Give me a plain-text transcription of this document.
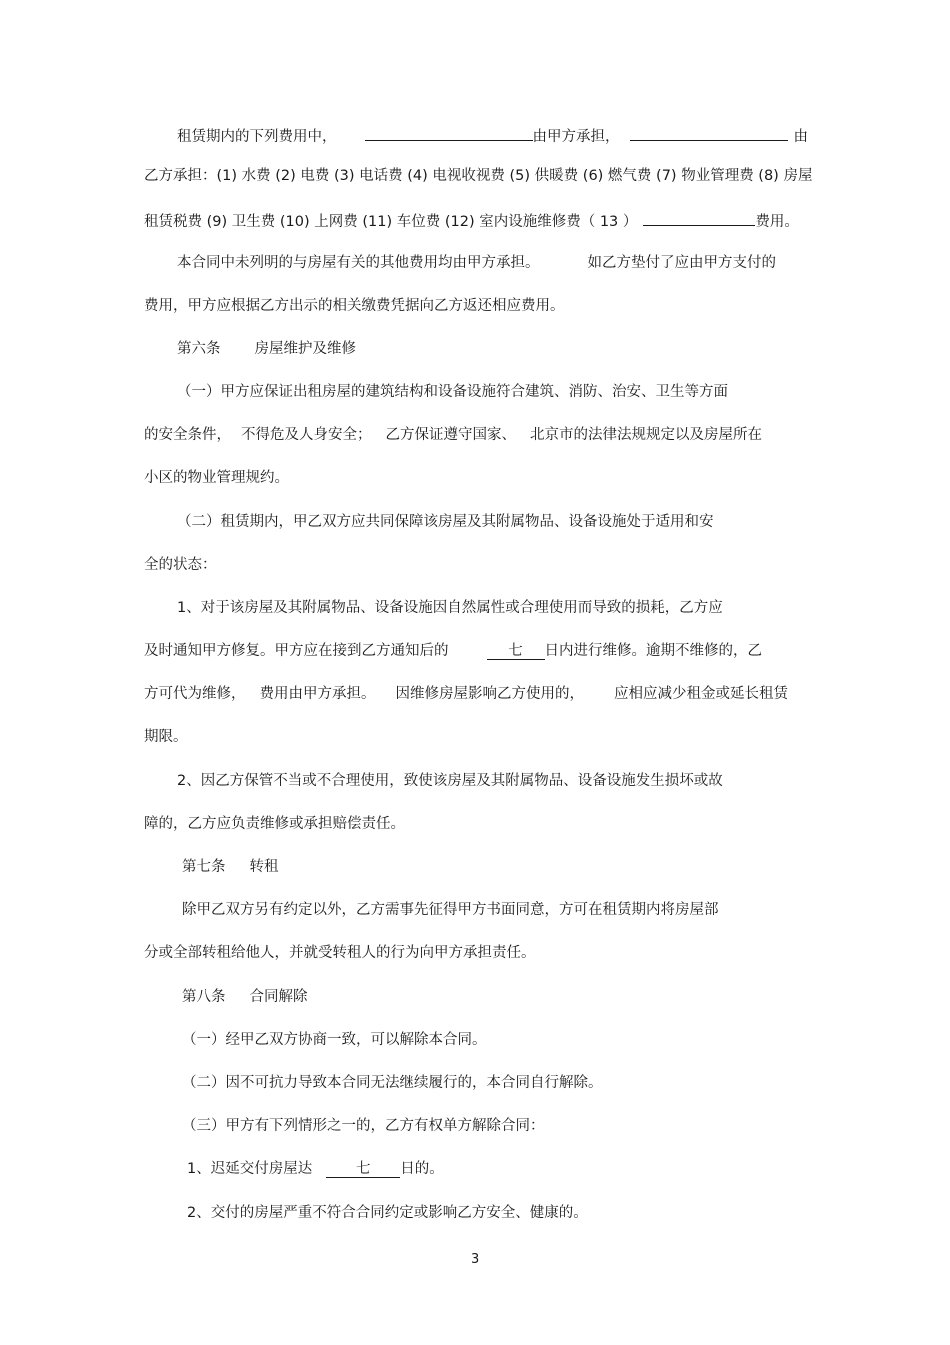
租赁期内的下列费用中，	由甲方承担，	由
乙方承担：(1) 水费 (2) 电费 (3) 电话费 (4) 电视收视费 (5) 供暖费 (6) 燃气费 (7) 物业管理费 (8) 房屋
租赁税费 (9) 卫生费 (10) 上网费 (11) 车位费 (12) 室内设施维修费（ 13 ）	费用。
本合同中未列明的与房屋有关的其他费用均由甲方承担。	如乙方垫付了应由甲方支付的
费用，甲方应根据乙方出示的相关缴费凭据向乙方返还相应费用。
第六条 房屋维护及维修
（一）甲方应保证出租房屋的建筑结构和设备设施符合建筑、消防、治安、卫生等方面
的安全条件， 不得危及人身安全； 乙方保证遵守国家、 北京市的法律法规规定以及房屋所在
小区的物业管理规约。
（二）租赁期内，甲乙双方应共同保障该房屋及其附属物品、设备设施处于适用和安
全的状态：
1、对于该房屋及其附属物品、设备设施因自然属性或合理使用而导致的损耗，乙方应
及时通知甲方修复。甲方应在接到乙方通知后的	七 日内进行维修。逾期不维修的，乙
方可代为维修， 费用由甲方承担。 因维修房屋影响乙方使用的， 应相应减少租金或延长租赁
期限。
2、因乙方保管不当或不合理使用，致使该房屋及其附属物品、设备设施发生损坏或故
障的，乙方应负责维修或承担赔偿责任。
第七条 转租
除甲乙双方另有约定以外，乙方需事先征得甲方书面同意，方可在租赁期内将房屋部
分或全部转租给他人，并就受转租人的行为向甲方承担责任。
第八条 合同解除
（一）经甲乙双方协商一致，可以解除本合同。
（二）因不可抗力导致本合同无法继续履行的，本合同自行解除。
（三）甲方有下列情形之一的，乙方有权单方解除合同：
1、迟延交付房屋达	七 日的。
2、交付的房屋严重不符合合同约定或影响乙方安全、健康的。
3
